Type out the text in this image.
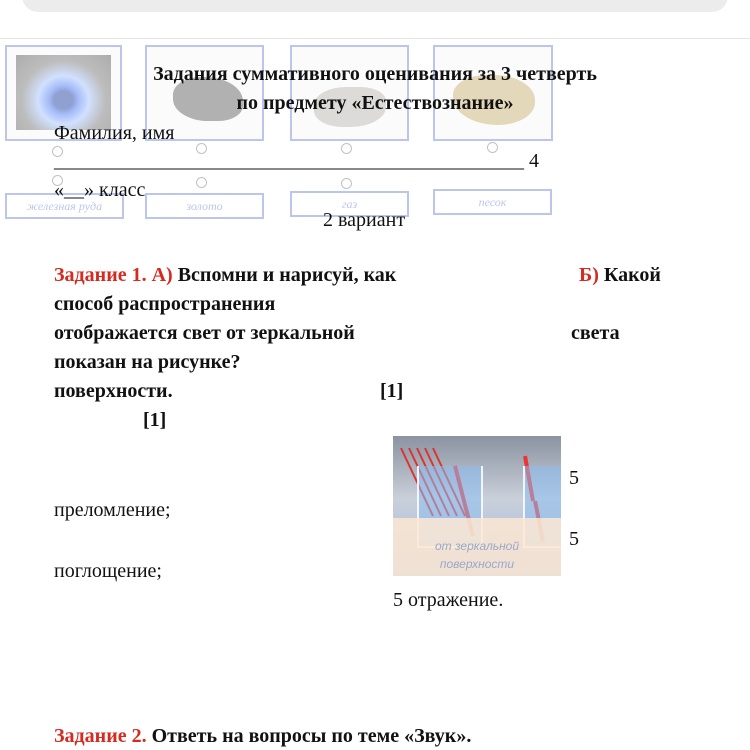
железная руда	золото	газ	песок
Задания суммативного оценивания за 3 четверть
по предмету «Естествознание»
Фамилия, имя
_______________________________________________ 4
«__» класс
2 вариант
Задание 1. А) Вспомни и нарисуй, как	Б) Какой
способ распространения
отображается свет от зеркальной	света
показан на рисунке?
поверхности.	[1]
[1]
от зеркальной поверхности
5
5
преломление;
поглощение;
5 отражение.
Задание 2. Ответь на вопросы по теме «Звук».
